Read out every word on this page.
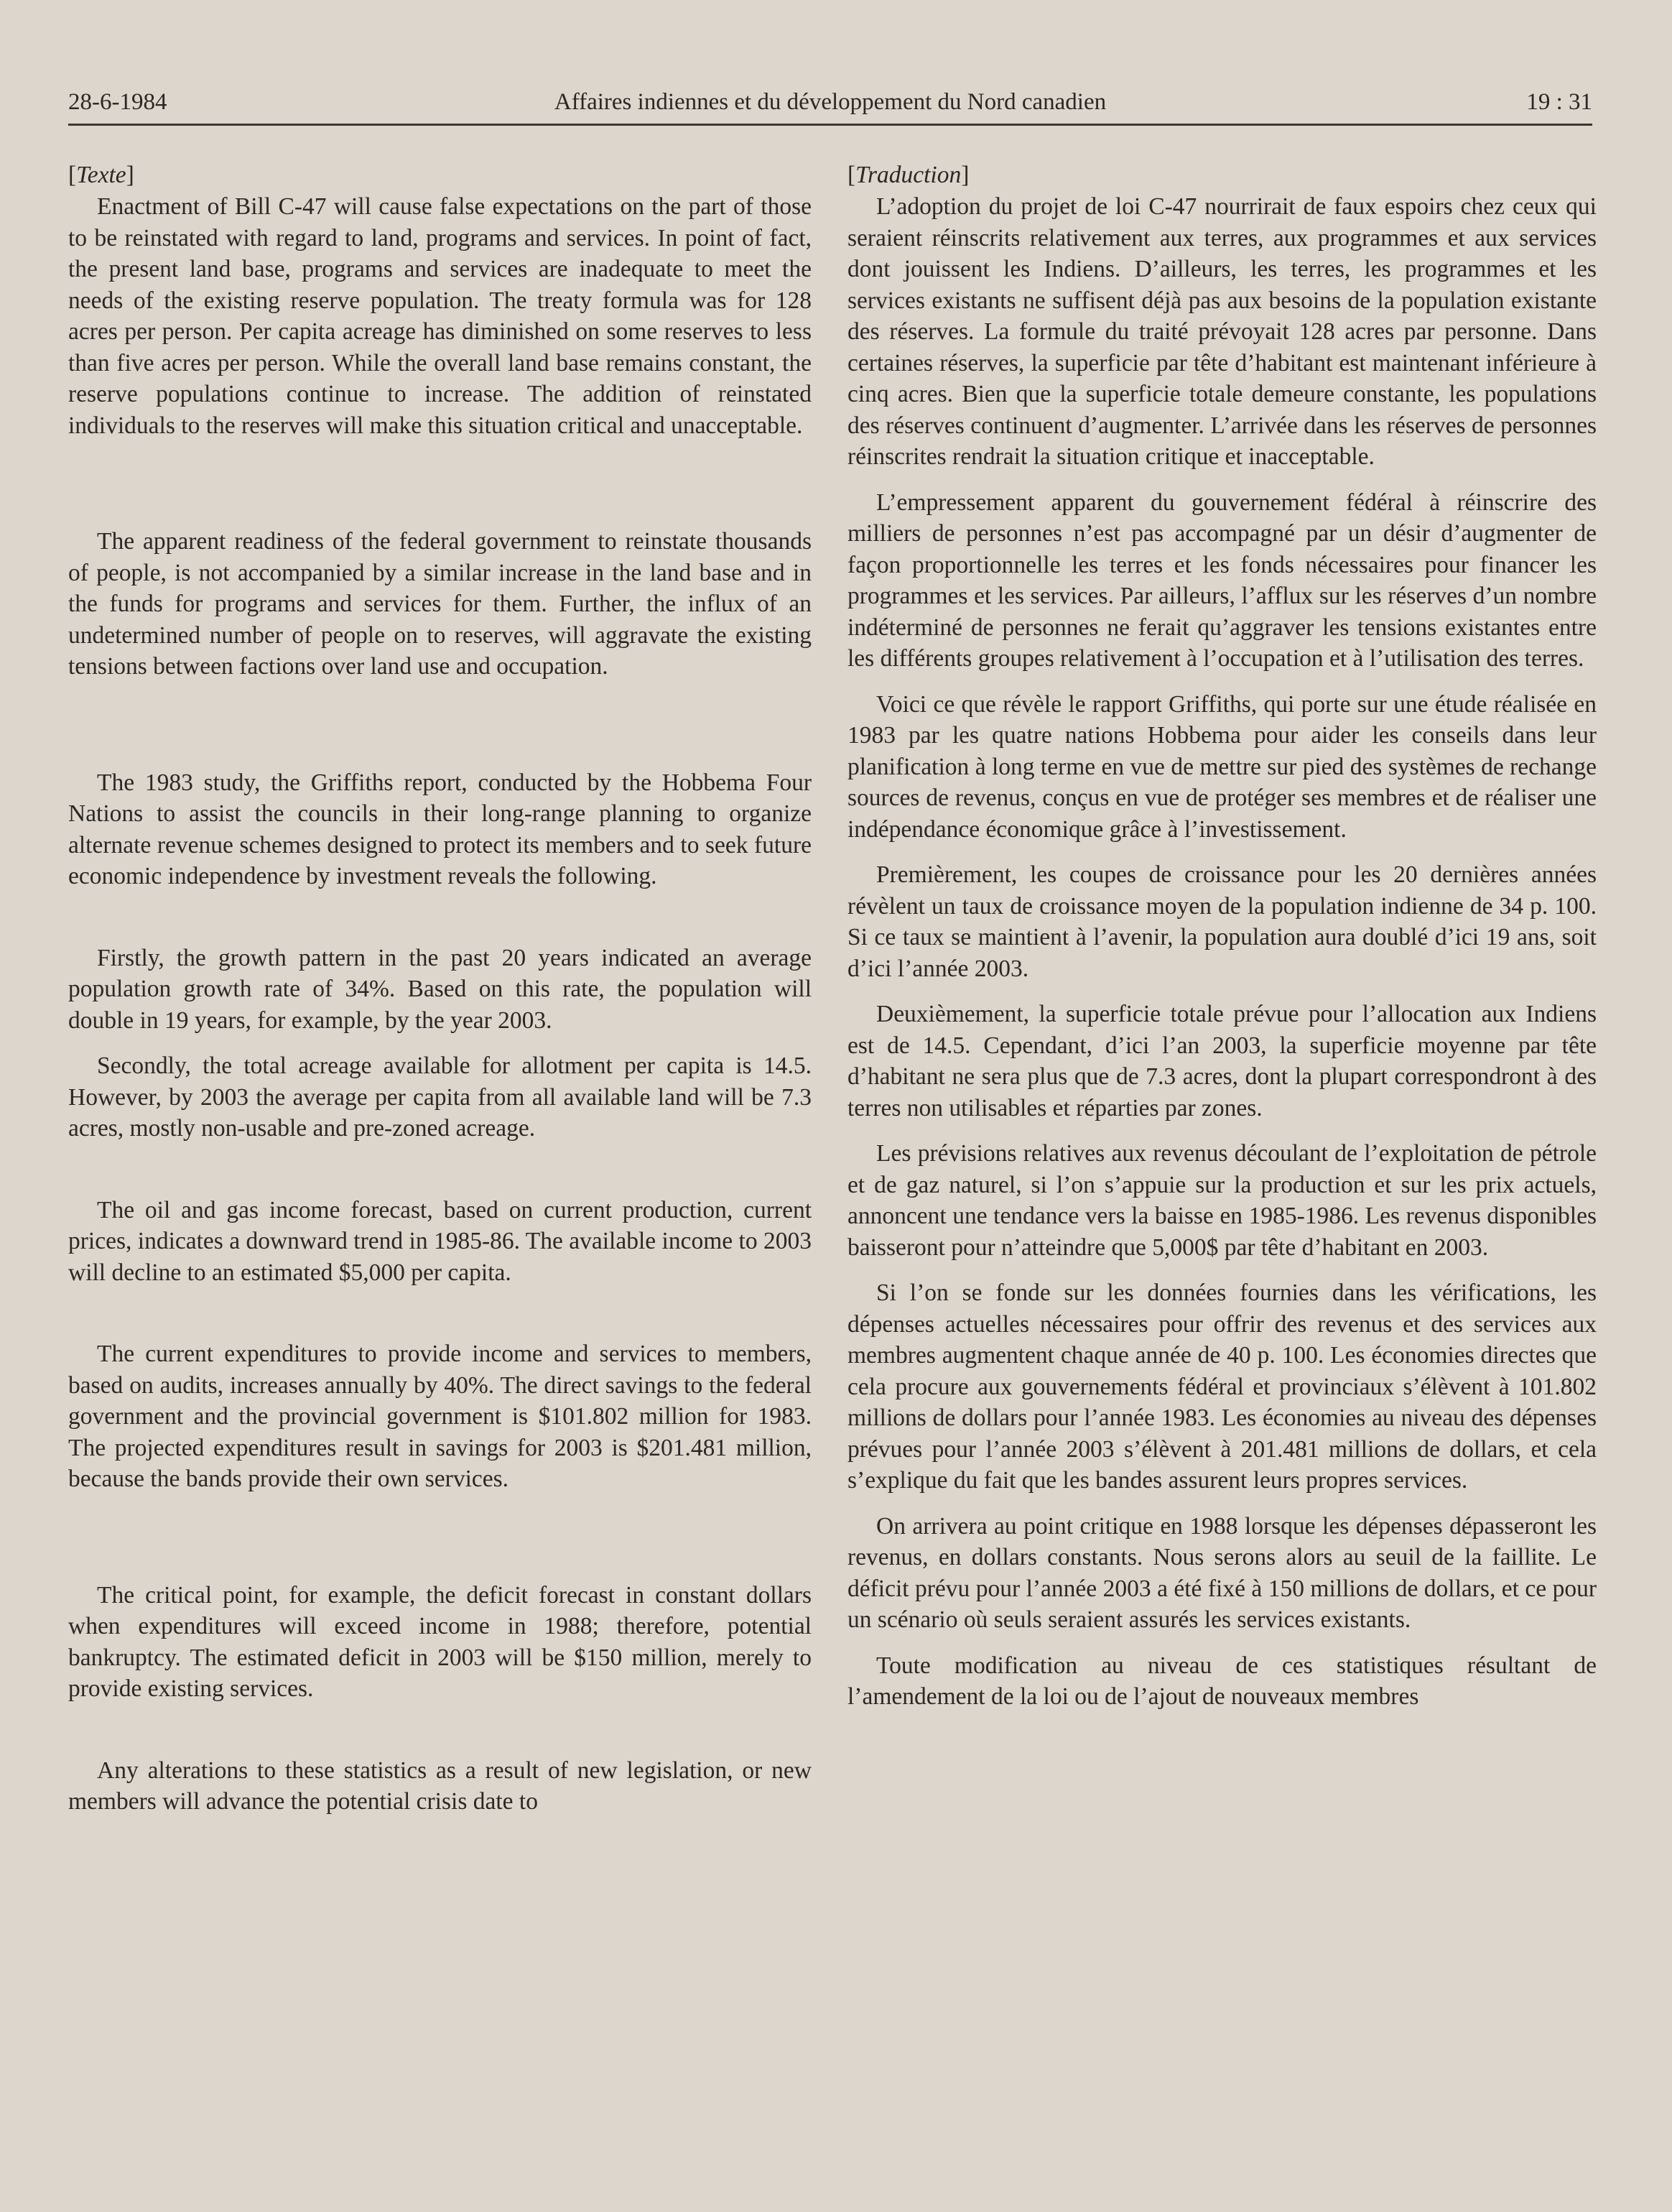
28-6-1984	Affaires indiennes et du développement du Nord canadien	19 : 31
[Texte]

Enactment of Bill C-47 will cause false expectations on the part of those to be reinstated with regard to land, programs and services. In point of fact, the present land base, programs and services are inadequate to meet the needs of the existing reserve population. The treaty formula was for 128 acres per person. Per capita acreage has diminished on some reserves to less than five acres per person. While the overall land base remains constant, the reserve populations continue to increase. The addition of reinstated individuals to the reserves will make this situation critical and unacceptable.

The apparent readiness of the federal government to reinstate thousands of people, is not accompanied by a similar increase in the land base and in the funds for programs and services for them. Further, the influx of an undetermined number of people on to reserves, will aggravate the existing tensions between factions over land use and occupation.

The 1983 study, the Griffiths report, conducted by the Hobbema Four Nations to assist the councils in their long-range planning to organize alternate revenue schemes designed to protect its members and to seek future economic independence by investment reveals the following.

Firstly, the growth pattern in the past 20 years indicated an average population growth rate of 34%. Based on this rate, the population will double in 19 years, for example, by the year 2003.

Secondly, the total acreage available for allotment per capita is 14.5. However, by 2003 the average per capita from all available land will be 7.3 acres, mostly non-usable and pre-zoned acreage.

The oil and gas income forecast, based on current production, current prices, indicates a downward trend in 1985-86. The available income to 2003 will decline to an estimated $5,000 per capita.

The current expenditures to provide income and services to members, based on audits, increases annually by 40%. The direct savings to the federal government and the provincial government is $101.802 million for 1983. The projected expenditures result in savings for 2003 is $201.481 million, because the bands provide their own services.

The critical point, for example, the deficit forecast in constant dollars when expenditures will exceed income in 1988; therefore, potential bankruptcy. The estimated deficit in 2003 will be $150 million, merely to provide existing services.

Any alterations to these statistics as a result of new legislation, or new members will advance the potential crisis date to

[Traduction]

L’adoption du projet de loi C-47 nourrirait de faux espoirs chez ceux qui seraient réinscrits relativement aux terres, aux programmes et aux services dont jouissent les Indiens. D’ailleurs, les terres, les programmes et les services existants ne suffisent déjà pas aux besoins de la population existante des réserves. La formule du traité prévoyait 128 acres par personne. Dans certaines réserves, la superficie par tête d’habitant est maintenant inférieure à cinq acres. Bien que la superficie totale demeure constante, les populations des réserves continuent d’augmenter. L’arrivée dans les réserves de personnes réinscrites rendrait la situation critique et inacceptable.

L’empressement apparent du gouvernement fédéral à réinscrire des milliers de personnes n’est pas accompagné par un désir d’augmenter de façon proportionnelle les terres et les fonds nécessaires pour financer les programmes et les services. Par ailleurs, l’afflux sur les réserves d’un nombre indéterminé de personnes ne ferait qu’aggraver les tensions existantes entre les différents groupes relativement à l’occupation et à l’utilisation des terres.

Voici ce que révèle le rapport Griffiths, qui porte sur une étude réalisée en 1983 par les quatre nations Hobbema pour aider les conseils dans leur planification à long terme en vue de mettre sur pied des systèmes de rechange sources de revenus, conçus en vue de protéger ses membres et de réaliser une indépendance économique grâce à l’investissement.

Premièrement, les coupes de croissance pour les 20 dernières années révèlent un taux de croissance moyen de la population indienne de 34 p. 100. Si ce taux se maintient à l’avenir, la population aura doublé d’ici 19 ans, soit d’ici l’année 2003.

Deuxièmement, la superficie totale prévue pour l’allocation aux Indiens est de 14.5. Cependant, d’ici l’an 2003, la superficie moyenne par tête d’habitant ne sera plus que de 7.3 acres, dont la plupart correspondront à des terres non utilisables et réparties par zones.

Les prévisions relatives aux revenus découlant de l’exploitation de pétrole et de gaz naturel, si l’on s’appuie sur la production et sur les prix actuels, annoncent une tendance vers la baisse en 1985-1986. Les revenus disponibles baisseront pour n’atteindre que 5,000$ par tête d’habitant en 2003.

Si l’on se fonde sur les données fournies dans les vérifications, les dépenses actuelles nécessaires pour offrir des revenus et des services aux membres augmentent chaque année de 40 p. 100. Les économies directes que cela procure aux gouvernements fédéral et provinciaux s’élèvent à 101.802 millions de dollars pour l’année 1983. Les économies au niveau des dépenses prévues pour l’année 2003 s’élèvent à 201.481 millions de dollars, et cela s’explique du fait que les bandes assurent leurs propres services.

On arrivera au point critique en 1988 lorsque les dépenses dépasseront les revenus, en dollars constants. Nous serons alors au seuil de la faillite. Le déficit prévu pour l’année 2003 a été fixé à 150 millions de dollars, et ce pour un scénario où seuls seraient assurés les services existants.

Toute modification au niveau de ces statistiques résultant de l’amendement de la loi ou de l’ajout de nouveaux membres
